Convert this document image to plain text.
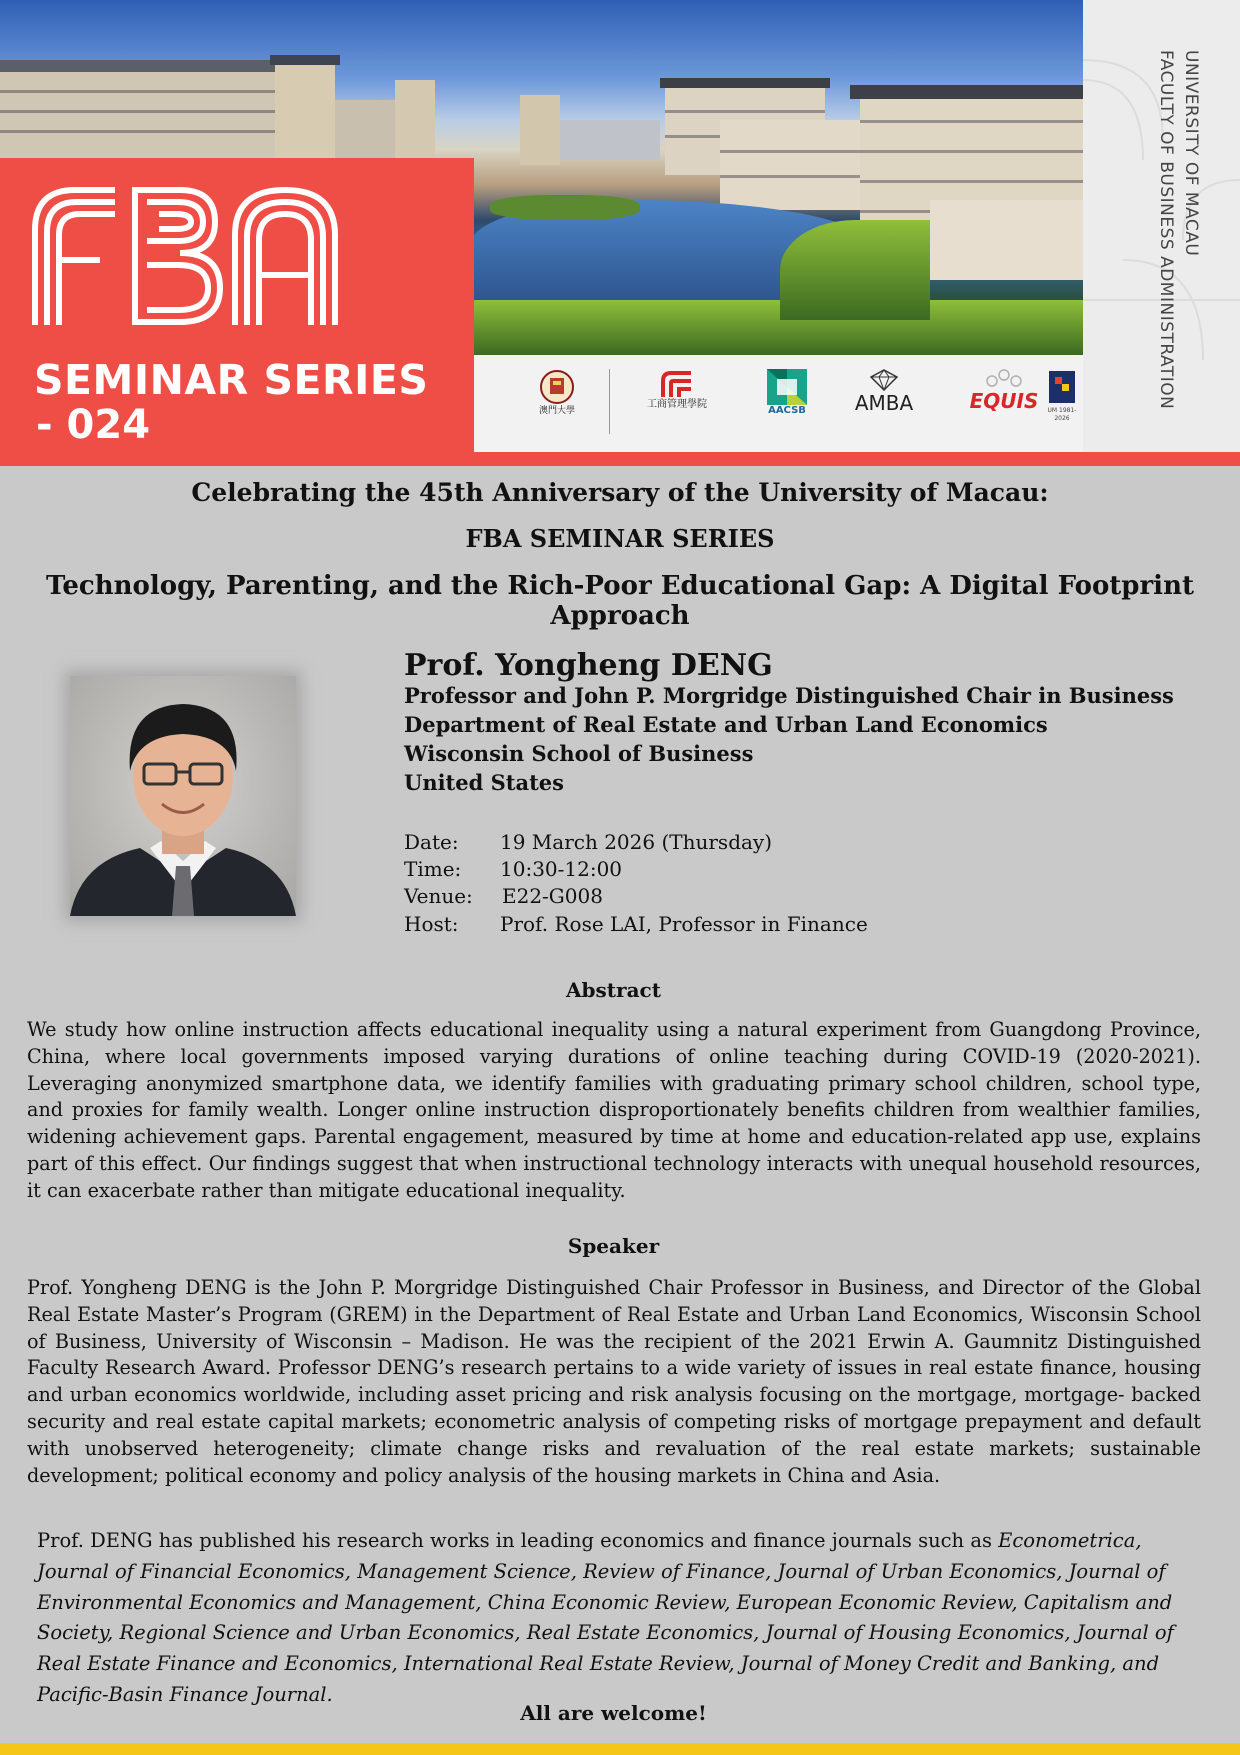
SEMINAR SERIES
- 024	澳門大學
工商管理學院
AACSB AMBA	EQUIS	UM 1981-2026
UNIVERSITY OF MACAU
FACULTY OF BUSINESS ADMINISTRATION
Celebrating the 45th Anniversary of the University of Macau:
FBA SEMINAR SERIES
Technology, Parenting, and the Rich-Poor Educational Gap: A Digital Footprint Approach
Prof. Yongheng DENG
Professor and John P. Morgridge Distinguished Chair in Business
Department of Real Estate and Urban Land Economics
Wisconsin School of Business
United States
Date: 19 March 2026 (Thursday)
Time: 10:30-12:00
Venue: E22-G008
Host: Prof. Rose LAI, Professor in Finance
Abstract
We study how online instruction affects educational inequality using a natural experiment from Guangdong Province, China, where local governments imposed varying durations of online teaching during COVID-19 (2020-2021). Leveraging anonymized smartphone data, we identify families with graduating primary school children, school type, and proxies for family wealth. Longer online instruction disproportionately benefits children from wealthier families, widening achievement gaps. Parental engagement, measured by time at home and education-related app use, explains part of this effect. Our findings suggest that when instructional technology interacts with unequal household resources, it can exacerbate rather than mitigate educational inequality.
Speaker
Prof. Yongheng DENG is the John P. Morgridge Distinguished Chair Professor in Business, and Director of the Global Real Estate Master’s Program (GREM) in the Department of Real Estate and Urban Land Economics, Wisconsin School of Business, University of Wisconsin – Madison. He was the recipient of the 2021 Erwin A. Gaumnitz Distinguished Faculty Research Award. Professor DENG’s research pertains to a wide variety of issues in real estate finance, housing and urban economics worldwide, including asset pricing and risk analysis focusing on the mortgage, mortgage- backed security and real estate capital markets; econometric analysis of competing risks of mortgage prepayment and default with unobserved heterogeneity; climate change risks and revaluation of the real estate markets; sustainable development; political economy and policy analysis of the housing markets in China and Asia.
Prof. DENG has published his research works in leading economics and finance journals such as Econometrica, Journal of Financial Economics, Management Science, Review of Finance, Journal of Urban Economics, Journal of Environmental Economics and Management, China Economic Review, European Economic Review, Capitalism and Society, Regional Science and Urban Economics, Real Estate Economics, Journal of Housing Economics, Journal of Real Estate Finance and Economics, International Real Estate Review, Journal of Money Credit and Banking, and Pacific-Basin Finance Journal.
All are welcome!
